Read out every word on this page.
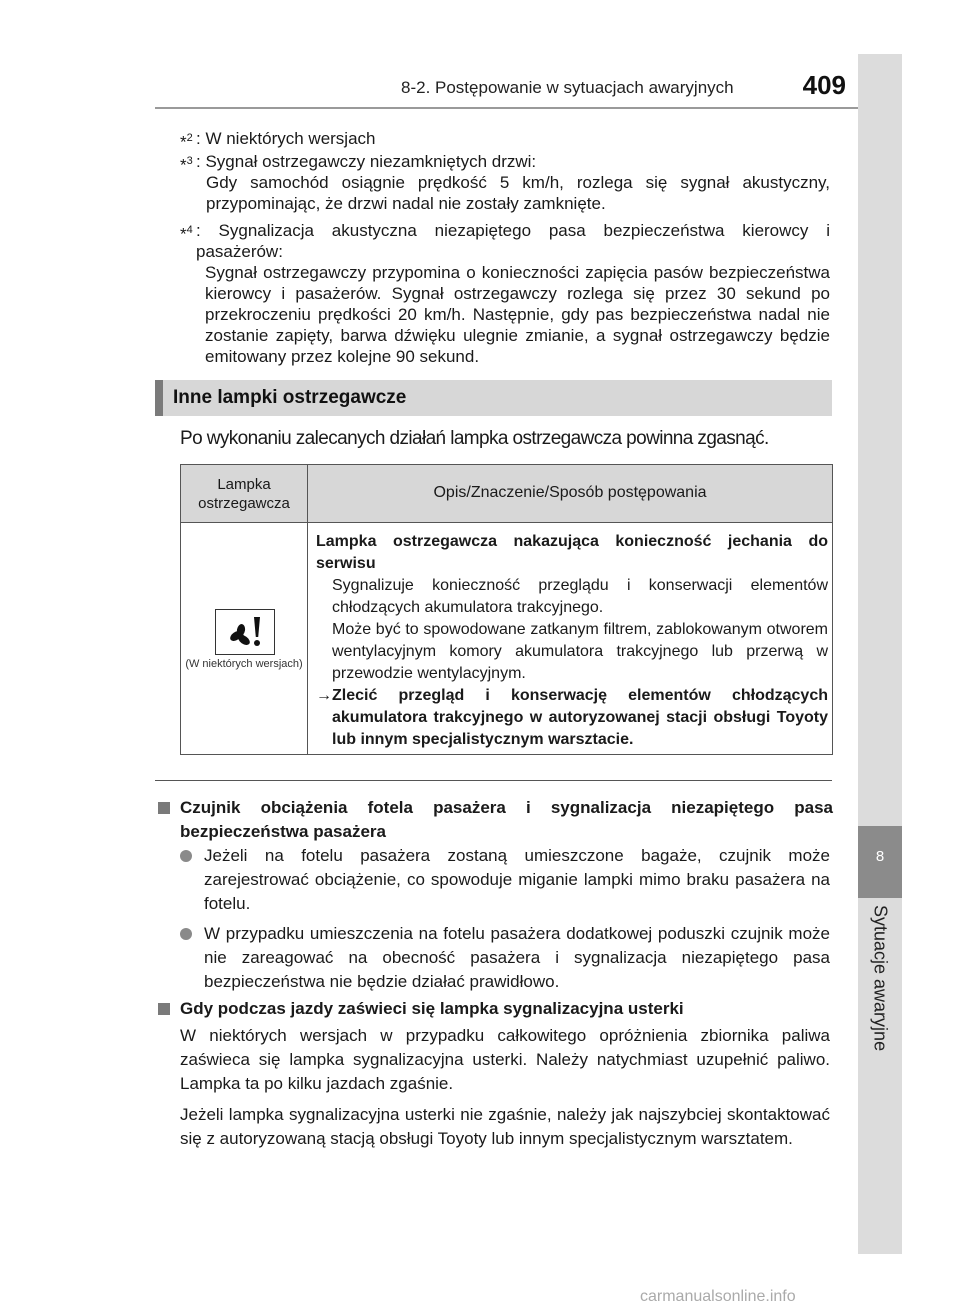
8-2. Postępowanie w sytuacjach awaryjnych	409
8
Sytuacje awaryjne
*$^2$ : W niektórych wersjach

*$^3$ : Sygnał ostrzegawczy niezamkniętych drzwi:

Gdy samochód osiągnie prędkość 5 km/h, rozlega się sygnał akustyczny, przypominając, że drzwi nadal nie zostały zamknięte.

*$^4$ : Sygnalizacja akustyczna niezapiętego pasa bezpieczeństwa kierowcy i pasażerów:

Sygnał ostrzegawczy przypomina o konieczności zapięcia pasów bezpieczeństwa kierowcy i pasażerów. Sygnał ostrzegawczy rozlega się przez 30 sekund po przekroczeniu prędkości 20 km/h. Następnie, gdy pas bezpieczeństwa nadal nie zostanie zapięty, barwa dźwięku ulegnie zmianie, a sygnał ostrzegawczy będzie emitowany przez kolejne 90 sekund.

Inne lampki ostrzegawcze
Po wykonaniu zalecanych działań lampka ostrzegawcza powinna zgasnąć.
Lampka ostrzegawcza
Opis/Znaczenie/Sposób postępowania
(W niektórych wersjach)
Lampka ostrzegawcza nakazująca konieczność jechania do serwisu
Sygnalizuje konieczność przeglądu i konserwacji elementów chłodzących akumulatora trakcyjnego.
Może być to spowodowane zatkanym filtrem, zablokowanym otworem wentylacyjnym komory akumulatora trakcyjnego lub przerwą w przewodzie wentylacyjnym.
→ Zlecić przegląd i konserwację elementów chłodzących akumulatora trakcyjnego w autoryzowanej stacji obsługi Toyoty lub innym specjalistycznym warsztacie.
Czujnik obciążenia fotela pasażera i sygnalizacja niezapiętego pasa bezpieczeństwa pasażera
Jeżeli na fotelu pasażera zostaną umieszczone bagaże, czujnik może zarejestrować obciążenie, co spowoduje miganie lampki mimo braku pasażera na fotelu.
W przypadku umieszczenia na fotelu pasażera dodatkowej poduszki czujnik może nie zareagować na obecność pasażera i sygnalizacja niezapiętego pasa bezpieczeństwa nie będzie działać prawidłowo.
Gdy podczas jazdy zaświeci się lampka sygnalizacyjna usterki
W niektórych wersjach w przypadku całkowitego opróżnienia zbiornika paliwa zaświeca się lampka sygnalizacyjna usterki. Należy natychmiast uzupełnić paliwo. Lampka ta po kilku jazdach zgaśnie.
Jeżeli lampka sygnalizacyjna usterki nie zgaśnie, należy jak najszybciej skontaktować się z autoryzowaną stacją obsługi Toyoty lub innym specjalistycznym warsztatem.
carmanualsonline.info
